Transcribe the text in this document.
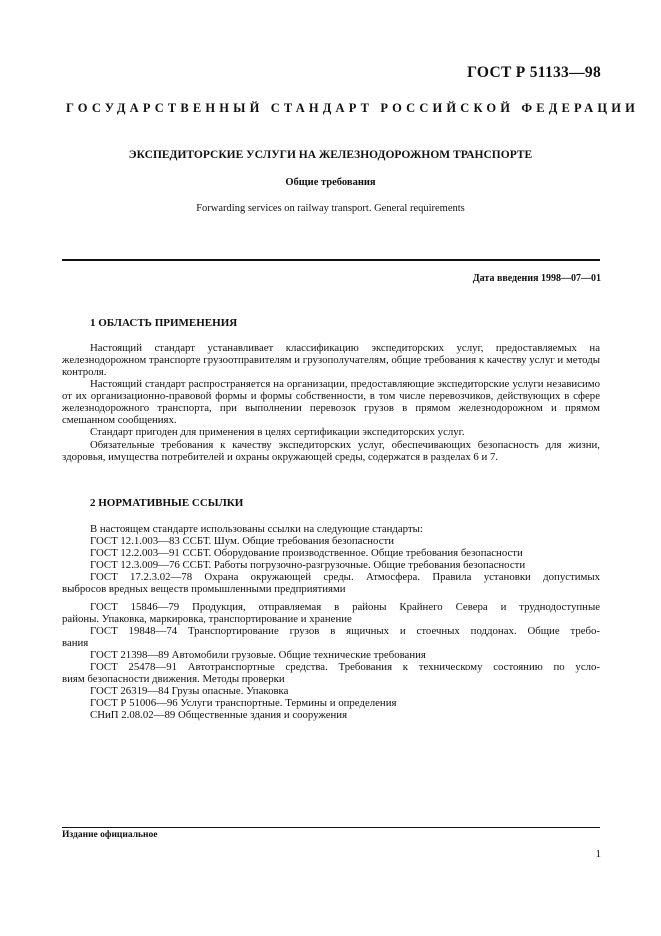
ГОСТ Р 51133—98
ГОСУДАРСТВЕННЫЙ СТАНДАРТ РОССИЙСКОЙ ФЕДЕРАЦИИ
ЭКСПЕДИТОРСКИЕ УСЛУГИ НА ЖЕЛЕЗНОДОРОЖНОМ ТРАНСПОРТЕ
Общие требования
Forwarding services on railway transport. General requirements
Дата введения 1998—07—01
1 ОБЛАСТЬ ПРИМЕНЕНИЯ

Настоящий стандарт устанавливает классификацию экспедиторских услуг, предоставляемых на железнодорожном транспорте грузоотправителям и грузополучателям, общие требования к качеству услуг и методы контроля.

Настоящий стандарт распространяется на организации, предоставляющие экспедиторские услуги независимо от их организационно-правовой формы и формы собственности, в том числе перевозчиков, действующих в сфере железнодорожного транспорта, при выполнении перевозок грузов в прямом железнодорожном и прямом смешанном сообщениях.

Стандарт пригоден для применения в целях сертификации экспедиторских услуг.

Обязательные требования к качеству экспедиторских услуг, обеспечивающих безопасность для жизни, здоровья, имущества потребителей и охраны окружающей среды, содержатся в разделах 6 и 7.

2 НОРМАТИВНЫЕ ССЫЛКИ
В настоящем стандарте использованы ссылки на следующие стандарты:
ГОСТ 12.1.003—83 ССБТ. Шум. Общие требования безопасности
ГОСТ 12.2.003—91 ССБТ. Оборудование производственное. Общие требования безопасности
ГОСТ 12.3.009—76 ССБТ. Работы погрузочно-разгрузочные. Общие требования безопасности
ГОСТ 17.2.3.02—78 Охрана окружающей среды. Атмосфера. Правила установки допустимых
выбросов вредных веществ промышленными предприятиями
ГОСТ 15846—79 Продукция, отправляемая в районы Крайнего Севера и труднодоступные
районы. Упаковка, маркировка, транспортирование и хранение
ГОСТ 19848—74 Транспортирование грузов в ящичных и стоечных поддонах. Общие требо-
вания
ГОСТ 21398—89 Автомобили грузовые. Общие технические требования
ГОСТ 25478—91 Автотранспортные средства. Требования к техническому состоянию по усло-
виям безопасности движения. Методы проверки
ГОСТ 26319—84 Грузы опасные. Упаковка
ГОСТ Р 51006—96 Услуги транспортные. Термины и определения
СНиП 2.08.02—89 Общественные здания и сооружения
Издание официальное
1
